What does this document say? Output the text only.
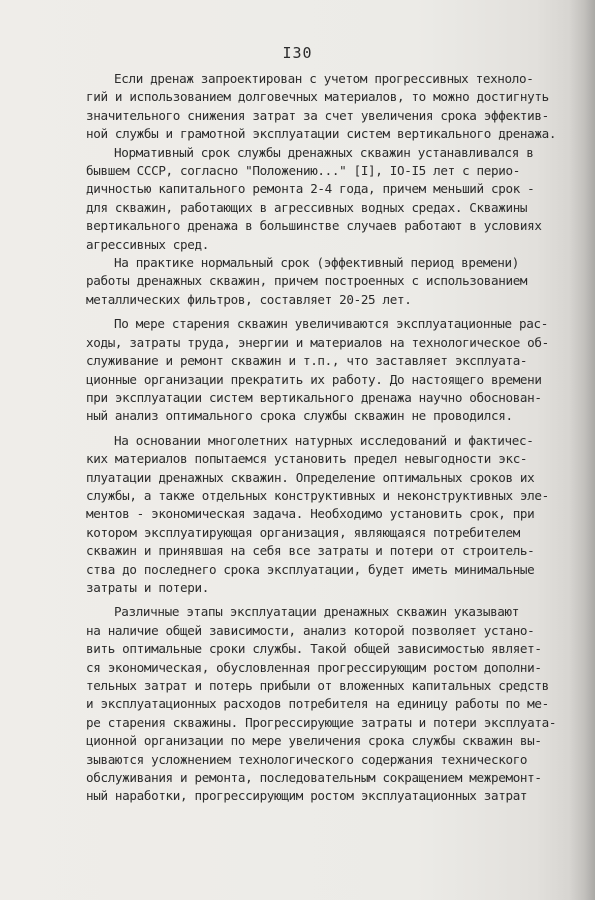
I30
Если дренаж запроектирован с учетом прогрессивных техноло-
гий и использованием долговечных материалов, то можно достигнуть
значительного снижения затрат за счет увеличения срока эффектив-
ной службы и грамотной эксплуатации систем вертикального дренажа.
Нормативный срок службы дренажных скважин устанавливался в
бывшем СССР, согласно "Положению..." [I], IO-I5 лет с перио-
дичностью капитального ремонта 2-4 года, причем меньший срок -
для скважин, работающих в агрессивных водных средах. Скважины
вертикального дренажа в большинстве случаев работают в условиях
агрессивных сред.
На практике нормальный срок (эффективный период времени)
работы дренажных скважин, причем построенных с использованием
металлических фильтров, составляет 20-25 лет.
По мере старения скважин увеличиваются эксплуатационные рас-
ходы, затраты труда, энергии и материалов на технологическое об-
служивание и ремонт скважин и т.п., что заставляет эксплуата-
ционные организации прекратить их работу. До настоящего времени
при эксплуатации систем вертикального дренажа научно обоснован-
ный анализ оптимального срока службы скважин не проводился.
На основании многолетних натурных исследований и фактичес-
ких материалов попытаемся установить предел невыгодности экс-
плуатации дренажных скважин. Определение оптимальных сроков их
службы, а также отдельных конструктивных и неконструктивных эле-
ментов - экономическая задача. Необходимо установить срок, при
котором эксплуатирующая организация, являющаяся потребителем
скважин и принявшая на себя все затраты и потери от строитель-
ства до последнего срока эксплуатации, будет иметь минимальные
затраты и потери.
Различные этапы эксплуатации дренажных скважин указывают
на наличие общей зависимости, анализ которой позволяет устано-
вить оптимальные сроки службы. Такой общей зависимостью являет-
ся экономическая, обусловленная прогрессирующим ростом дополни-
тельных затрат и потерь прибыли от вложенных капитальных средств
и эксплуатационных расходов потребителя на единицу работы по ме-
ре старения скважины. Прогрессирующие затраты и потери эксплуата-
ционной организации по мере увеличения срока службы скважин вы-
зываются усложнением технологического содержания технического
обслуживания и ремонта, последовательным сокращением межремонт-
ный наработки, прогрессирующим ростом эксплуатационных затрат
